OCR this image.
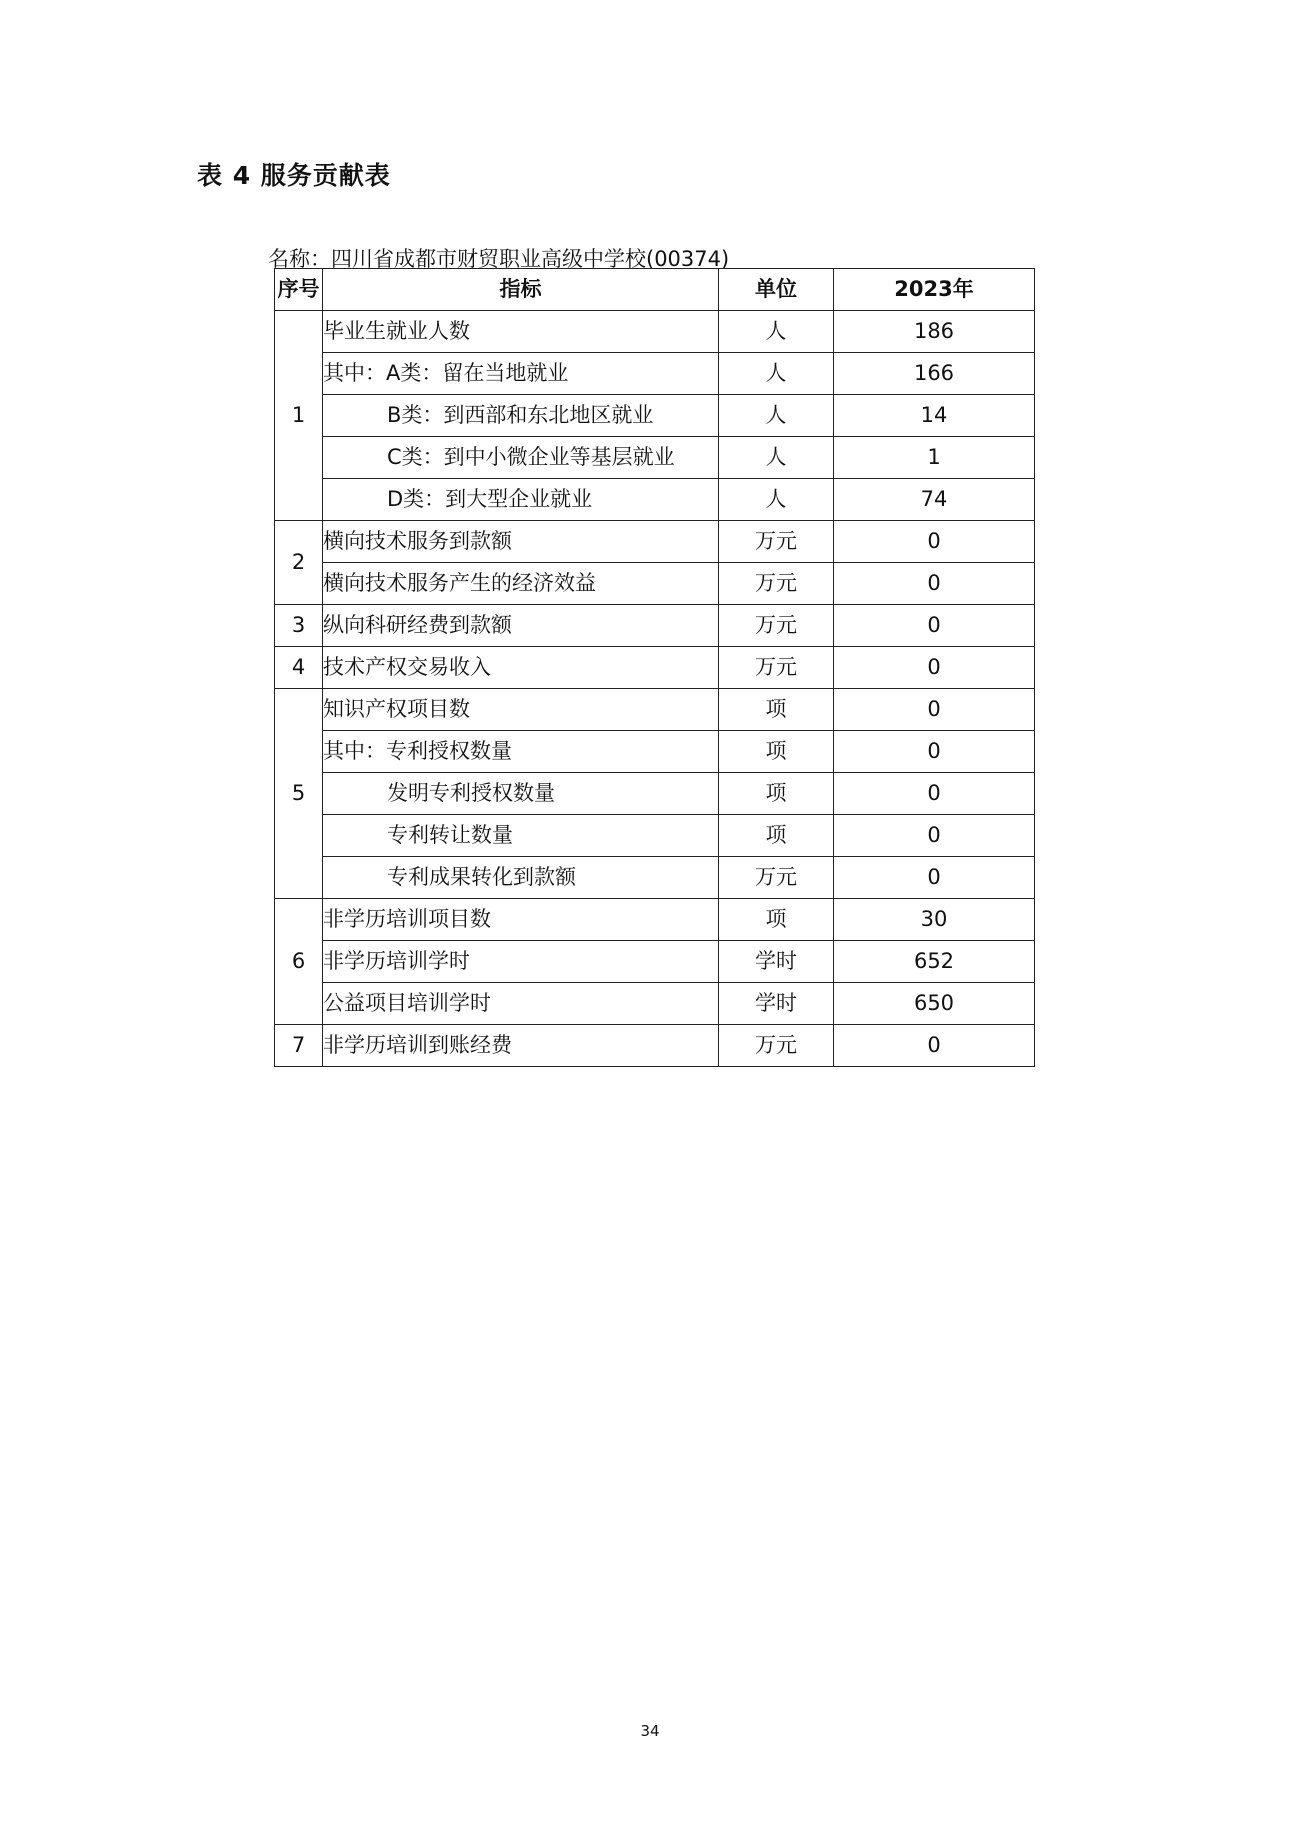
表 4 服务贡献表
名称：四川省成都市财贸职业高级中学校(00374)
序号	指标	单位	2023年
1	毕业生就业人数	人	186
	其中：A类：留在当地就业	人	166
	B类：到西部和东北地区就业	人	14
	C类：到中小微企业等基层就业	人	1
	D类：到大型企业就业	人	74
2	横向技术服务到款额	万元	0
	横向技术服务产生的经济效益	万元	0
3	纵向科研经费到款额	万元	0
4	技术产权交易收入	万元	0
5	知识产权项目数	项	0
	其中：专利授权数量	项	0
	发明专利授权数量	项	0
	专利转让数量	项	0
	专利成果转化到款额	万元	0
6	非学历培训项目数	项	30
	非学历培训学时	学时	652
	公益项目培训学时	学时	650
7	非学历培训到账经费	万元	0
34
